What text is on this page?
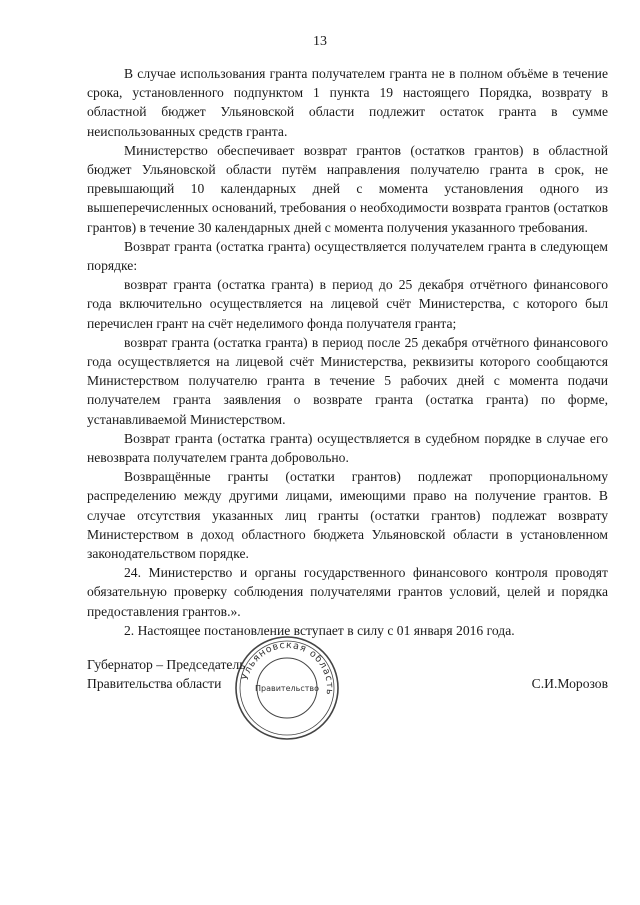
13

В случае использования гранта получателем гранта не в полном объёме в течение срока, установленного подпунктом 1 пункта 19 настоящего Порядка, возврату в областной бюджет Ульяновской области подлежит остаток гранта в сумме неиспользованных средств гранта.

Министерство обеспечивает возврат грантов (остатков грантов) в областной бюджет Ульяновской области путём направления получателю гранта в срок, не превышающий 10 календарных дней с момента установления одного из вышеперечисленных оснований, требования о необходимости возврата грантов (остатков грантов) в течение 30 календарных дней с момента получения указанного требования.

Возврат гранта (остатка гранта) осуществляется получателем гранта в следующем порядке:

возврат гранта (остатка гранта) в период до 25 декабря отчётного финансового года включительно осуществляется на лицевой счёт Министерства, с которого был перечислен грант на счёт неделимого фонда получателя гранта;

возврат гранта (остатка гранта) в период после 25 декабря отчётного финансового года осуществляется на лицевой счёт Министерства, реквизиты которого сообщаются Министерством получателю гранта в течение 5 рабочих дней с момента подачи получателем гранта заявления о возврате гранта (остатка гранта) по форме, устанавливаемой Министерством.

Возврат гранта (остатка гранта) осуществляется в судебном порядке в случае его невозврата получателем гранта добровольно.

Возвращённые гранты (остатки грантов) подлежат пропорциональному распределению между другими лицами, имеющими право на получение грантов. В случае отсутствия указанных лиц гранты (остатки грантов) подлежат возврату Министерством в доход областного бюджета Ульяновской области в установленном законодательством порядке.

24. Министерство и органы государственного финансового контроля проводят обязательную проверку соблюдения получателями грантов условий, целей и порядка предоставления грантов.».

2. Настоящее постановление вступает в силу с 01 января 2016 года.

Ульяновская область
Правительство
Губернатор – Председатель
Правительства области	С.И.Морозов
